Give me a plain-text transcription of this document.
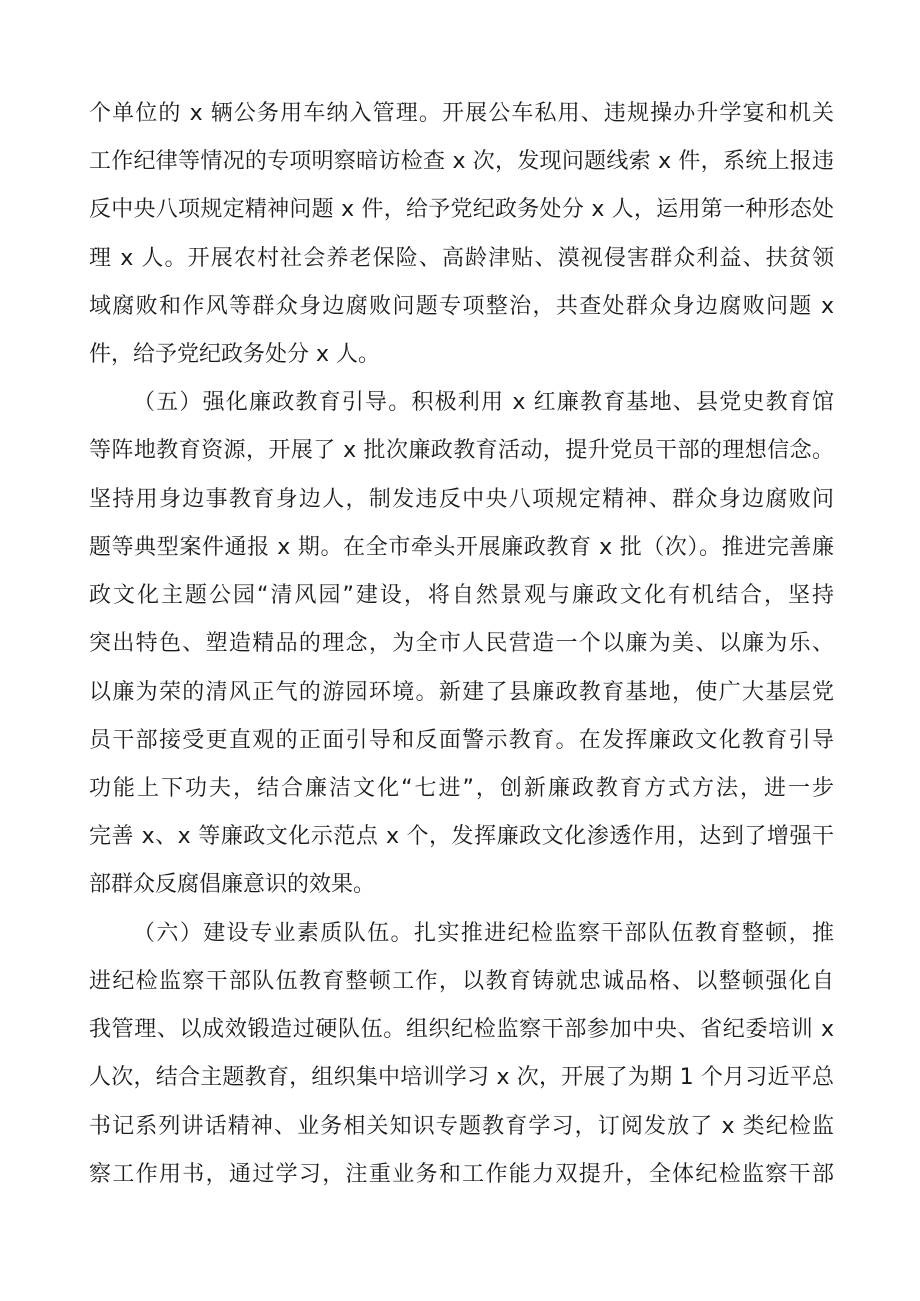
个单位的 x 辆公务用车纳入管理。开展公车私用、违规操办升学宴和机关
工作纪律等情况的专项明察暗访检查 x 次，发现问题线索 x 件，系统上报违
反中央八项规定精神问题 x 件，给予党纪政务处分 x 人，运用第一种形态处
理 x 人。开展农村社会养老保险、高龄津贴、漠视侵害群众利益、扶贫领
域腐败和作风等群众身边腐败问题专项整治，共查处群众身边腐败问题 x
件，给予党纪政务处分 x 人。
（五）强化廉政教育引导。积极利用 x 红廉教育基地、县党史教育馆
等阵地教育资源，开展了 x 批次廉政教育活动，提升党员干部的理想信念。
坚持用身边事教育身边人，制发违反中央八项规定精神、群众身边腐败问
题等典型案件通报 x 期。在全市牵头开展廉政教育 x 批（次）。推进完善廉
政文化主题公园“清风园”建设，将自然景观与廉政文化有机结合，坚持
突出特色、塑造精品的理念，为全市人民营造一个以廉为美、以廉为乐、
以廉为荣的清风正气的游园环境。新建了县廉政教育基地，使广大基层党
员干部接受更直观的正面引导和反面警示教育。在发挥廉政文化教育引导
功能上下功夫，结合廉洁文化“七进”，创新廉政教育方式方法，进一步
完善 x、x 等廉政文化示范点 x 个，发挥廉政文化渗透作用，达到了增强干
部群众反腐倡廉意识的效果。
（六）建设专业素质队伍。扎实推进纪检监察干部队伍教育整顿，推
进纪检监察干部队伍教育整顿工作，以教育铸就忠诚品格、以整顿强化自
我管理、以成效锻造过硬队伍。组织纪检监察干部参加中央、省纪委培训 x
人次，结合主题教育，组织集中培训学习 x 次，开展了为期 1 个月习近平总
书记系列讲话精神、业务相关知识专题教育学习，订阅发放了 x 类纪检监
察工作用书，通过学习，注重业务和工作能力双提升，全体纪检监察干部
